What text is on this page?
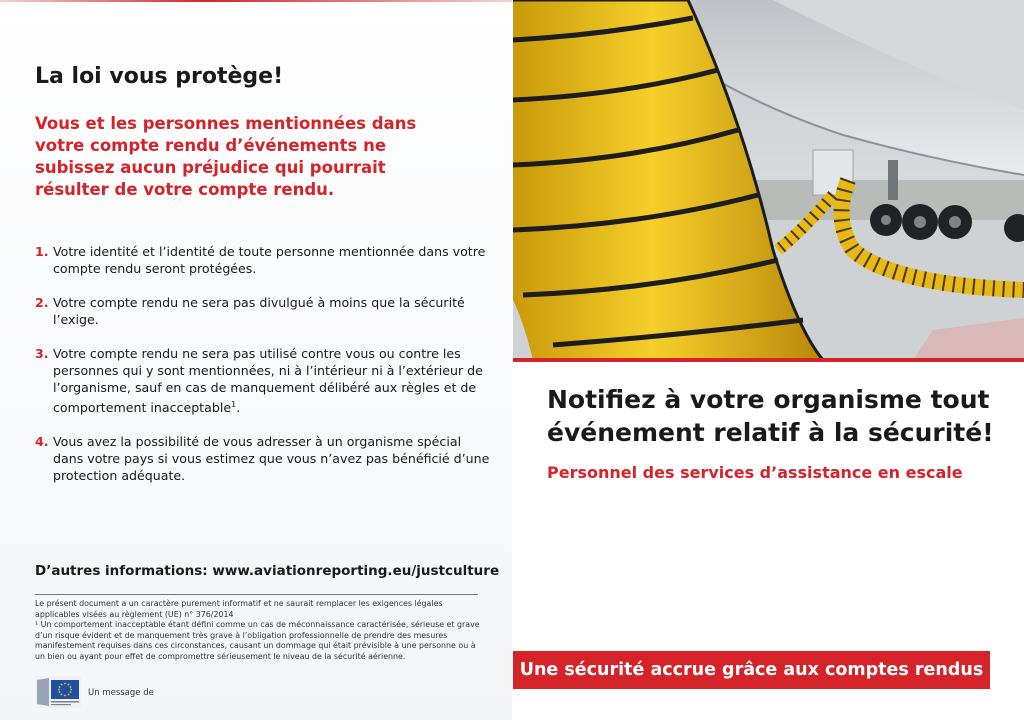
La loi vous protège!
Vous et les personnes mentionnées dans votre compte rendu d’événements ne subissez aucun préjudice qui pourrait résulter de votre compte rendu.
1. Votre identité et l’identité de toute personne mentionnée dans votre compte rendu seront protégées.
2. Votre compte rendu ne sera pas divulgué à moins que la sécurité l’exige.
3. Votre compte rendu ne sera pas utilisé contre vous ou contre les personnes qui y sont mentionnées, ni à l’intérieur ni à l’extérieur de l’organisme, sauf en cas de manquement délibéré aux règles et de comportement inacceptable$^1$.
4. Vous avez la possibilité de vous adresser à un organisme spécial dans votre pays si vous estimez que vous n’avez pas bénéficié d’une protection adéquate.
D’autres informations: www.aviationreporting.eu/justculture

Le présent document a un caractère purement informatif et ne saurait remplacer les exigences légales applicables visées au règlement (UE) n° 376/2014

¹ Un comportement inacceptable étant défini comme un cas de méconnaissance caractérisée, sérieuse et grave d’un risque évident et de manquement très grave à l’obligation professionnelle de prendre des mesures manifestement requises dans ces circonstances, causant un dommage qui était prévisible à une personne ou à un bien ou ayant pour effet de compromettre sérieusement le niveau de la sécurité aérienne.

Un message de
Notifiez à votre organisme tout événement relatif à la sécurité!
Personnel des services d’assistance en escale
Une sécurité accrue grâce aux comptes rendus
